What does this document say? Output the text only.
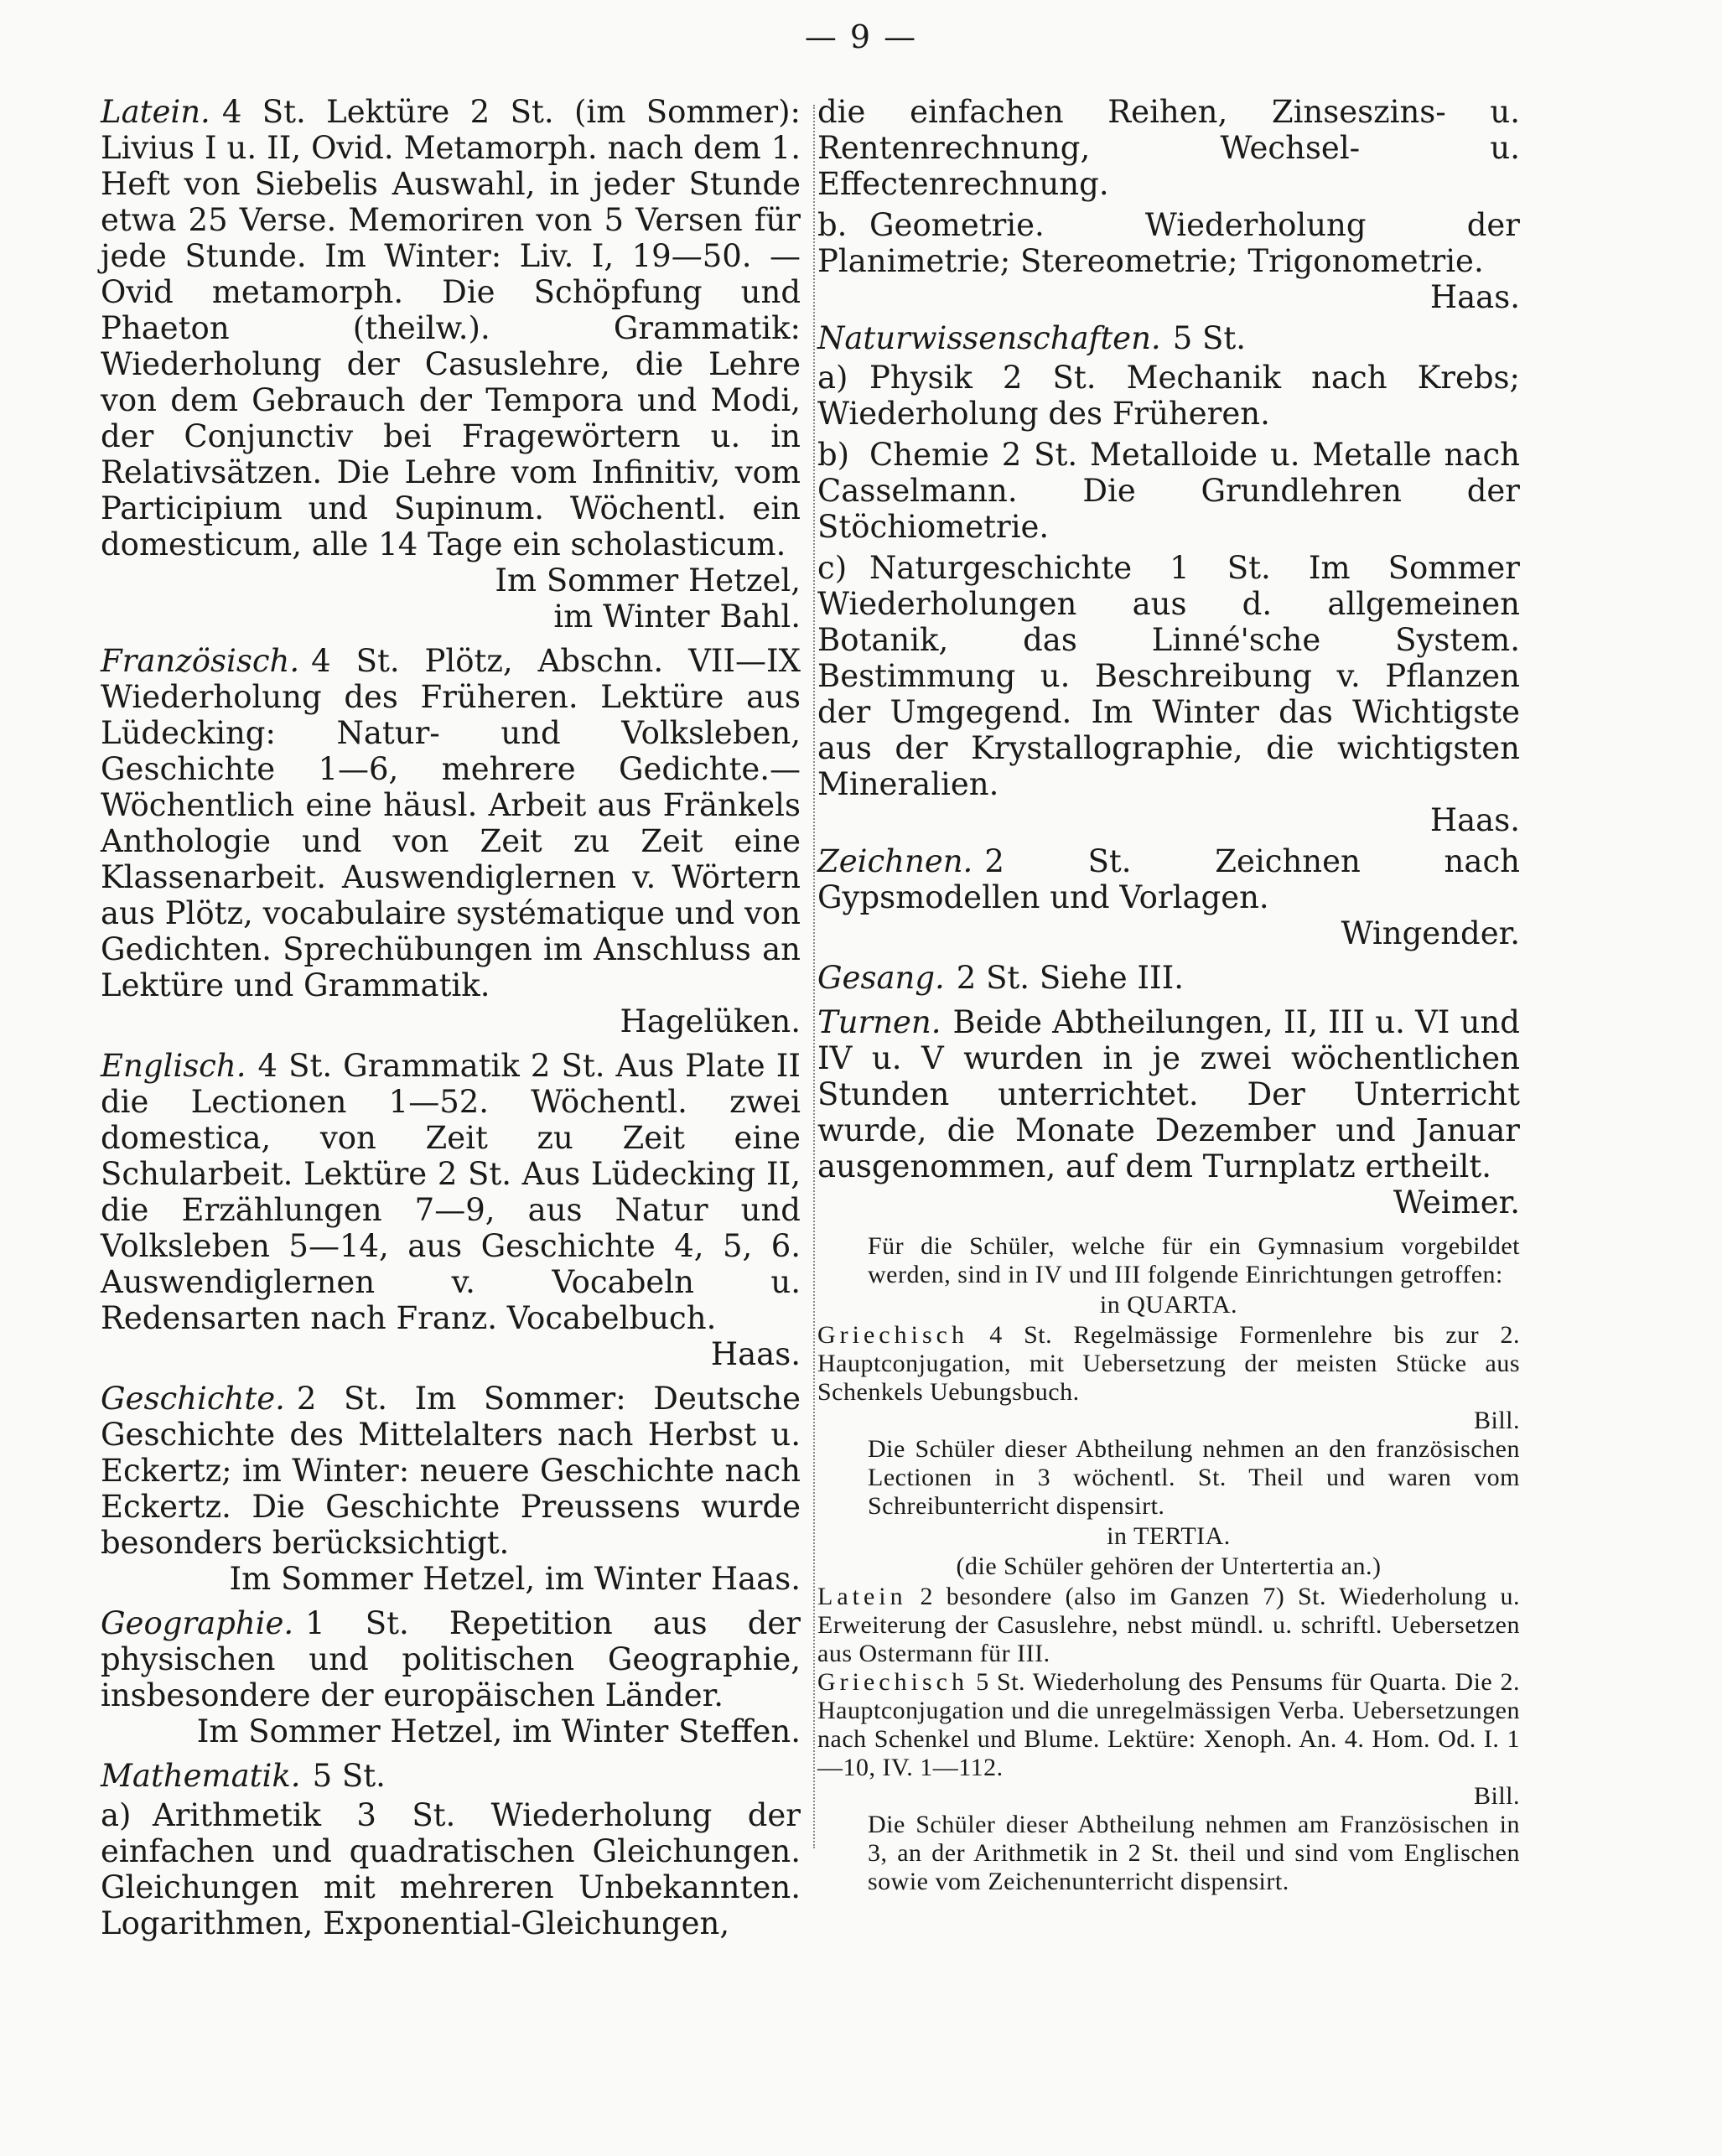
— 9 —

Latein. 4 St. Lektüre 2 St. (im Sommer): Livius I u. II, Ovid. Metamorph. nach dem 1. Heft von Siebelis Auswahl, in jeder Stunde etwa 25 Verse. Memoriren von 5 Versen für jede Stunde. Im Winter: Liv. I, 19—50. — Ovid metamorph. Die Schöpfung und Phaeton (theilw.). Grammatik: Wiederholung der Casuslehre, die Lehre von dem Gebrauch der Tempora und Modi, der Conjunctiv bei Fragewörtern u. in Relativsätzen. Die Lehre vom Infinitiv, vom Participium und Supinum. Wöchentl. ein domesticum, alle 14 Tage ein scholasticum.
Im Sommer Hetzel,
im Winter Bahl.

Französisch. 4 St. Plötz, Abschn. VII—IX Wiederholung des Früheren. Lektüre aus Lüdecking: Natur- und Volksleben, Geschichte 1—6, mehrere Gedichte.— Wöchentlich eine häusl. Arbeit aus Fränkels Anthologie und von Zeit zu Zeit eine Klassenarbeit. Auswendiglernen v. Wörtern aus Plötz, vocabulaire systématique und von Gedichten. Sprechübungen im Anschluss an Lektüre und Grammatik.
Hagelüken.

Englisch. 4 St. Grammatik 2 St. Aus Plate II die Lectionen 1—52. Wöchentl. zwei domestica, von Zeit zu Zeit eine Schularbeit. Lektüre 2 St. Aus Lüdecking II, die Erzählungen 7—9, aus Natur und Volksleben 5—14, aus Geschichte 4, 5, 6. Auswendiglernen v. Vocabeln u. Redensarten nach Franz. Vocabelbuch.
Haas.

Geschichte. 2 St. Im Sommer: Deutsche Geschichte des Mittelalters nach Herbst u. Eckertz; im Winter: neuere Geschichte nach Eckertz. Die Geschichte Preussens wurde besonders berücksichtigt.
Im Sommer Hetzel, im Winter Haas.

Geographie. 1 St. Repetition aus der physischen und politischen Geographie, insbesondere der europäischen Länder.
Im Sommer Hetzel, im Winter Steffen.

Mathematik. 5 St.

a) Arithmetik 3 St. Wiederholung der einfachen und quadratischen Gleichungen. Gleichungen mit mehreren Unbekannten. Logarithmen, Exponential-Gleichungen,

die einfachen Reihen, Zinseszins- u. Rentenrechnung, Wechsel- u. Effectenrechnung.

b. Geometrie. Wiederholung der Planimetrie; Stereometrie; Trigonometrie.
Haas.

Naturwissenschaften. 5 St.

a) Physik 2 St. Mechanik nach Krebs; Wiederholung des Früheren.

b) Chemie 2 St. Metalloide u. Metalle nach Casselmann. Die Grundlehren der Stöchiometrie.

c) Naturgeschichte 1 St. Im Sommer Wiederholungen aus d. allgemeinen Botanik, das Linné'sche System. Bestimmung u. Beschreibung v. Pflanzen der Umgegend. Im Winter das Wichtigste aus der Krystallographie, die wichtigsten Mineralien.
Haas.

Zeichnen. 2 St. Zeichnen nach Gypsmodellen und Vorlagen.
Wingender.

Gesang. 2 St. Siehe III.

Turnen. Beide Abtheilungen, II, III u. VI und IV u. V wurden in je zwei wöchentlichen Stunden unterrichtet. Der Unterricht wurde, die Monate Dezember und Januar ausgenommen, auf dem Turnplatz ertheilt.
Weimer.

Für die Schüler, welche für ein Gymnasium vorgebildet werden, sind in IV und III folgende Einrichtungen getroffen:
in QUARTA.
Griechisch 4 St. Regelmässige Formenlehre bis zur 2. Hauptconjugation, mit Uebersetzung der meisten Stücke aus Schenkels Uebungsbuch.
Bill.
Die Schüler dieser Abtheilung nehmen an den französischen Lectionen in 3 wöchentl. St. Theil und waren vom Schreibunterricht dispensirt.
in TERTIA.
(die Schüler gehören der Untertertia an.)
Latein 2 besondere (also im Ganzen 7) St. Wiederholung u. Erweiterung der Casuslehre, nebst mündl. u. schriftl. Uebersetzen aus Ostermann für III.
Griechisch 5 St. Wiederholung des Pensums für Quarta. Die 2. Hauptconjugation und die unregelmässigen Verba. Uebersetzungen nach Schenkel und Blume. Lektüre: Xenoph. An. 4. Hom. Od. I. 1—10, IV. 1—112.
Bill.
Die Schüler dieser Abtheilung nehmen am Französischen in 3, an der Arithmetik in 2 St. theil und sind vom Englischen sowie vom Zeichenunterricht dispensirt.
